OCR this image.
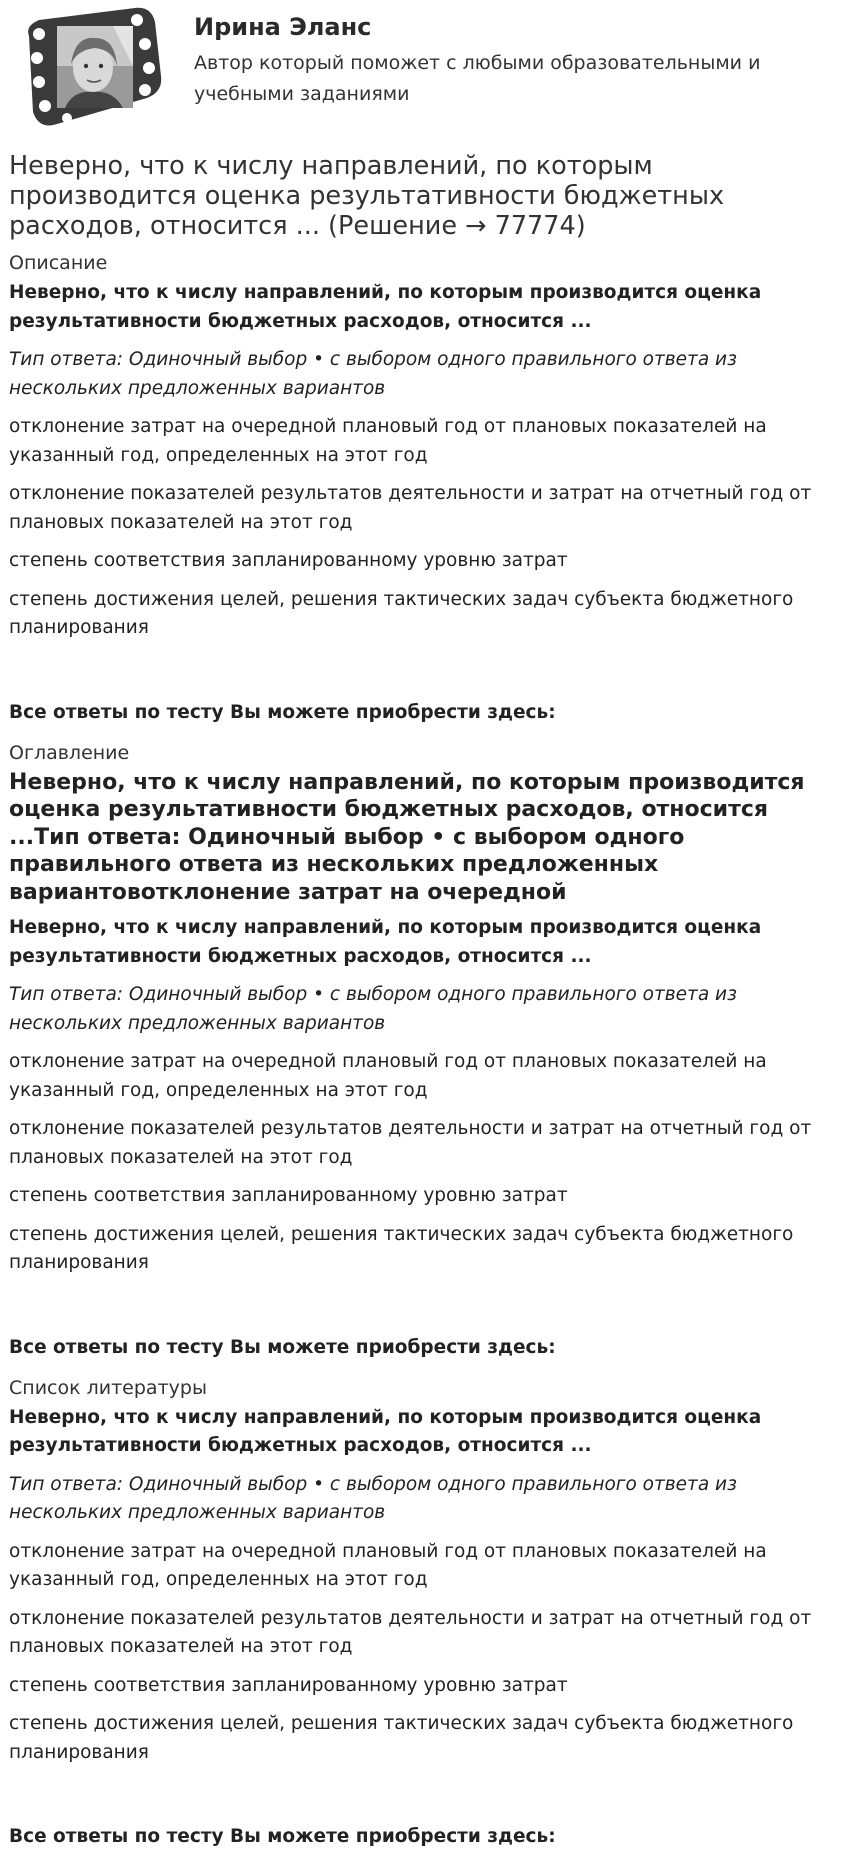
Ирина Эланс

Автор который поможет с любыми образовательными и учебными заданиями

Неверно, что к числу направлений, по которым производится оценка результативности бюджетных расходов, относится ... (Решение → 77774)
Описание

Неверно, что к числу направлений, по которым производится оценка результативности бюджетных расходов, относится ...

Тип ответа: Одиночный выбор • с выбором одного правильного ответа из нескольких предложенных вариантов

отклонение затрат на очередной плановый год от плановых показателей на указанный год, определенных на этот год

отклонение показателей результатов деятельности и затрат на отчетный год от плановых показателей на этот год

степень соответствия запланированному уровню затрат

степень достижения целей, решения тактических задач субъекта бюджетного планирования

Все ответы по тесту Вы можете приобрести здесь:

Оглавление
Неверно, что к числу направлений, по которым производится оценка результативности бюджетных расходов, относится ...Тип ответа: Одиночный выбор • с выбором одного правильного ответа из нескольких предложенных вариантовотклонение затрат на очередной

Неверно, что к числу направлений, по которым производится оценка результативности бюджетных расходов, относится ...

Тип ответа: Одиночный выбор • с выбором одного правильного ответа из нескольких предложенных вариантов

отклонение затрат на очередной плановый год от плановых показателей на указанный год, определенных на этот год

отклонение показателей результатов деятельности и затрат на отчетный год от плановых показателей на этот год

степень соответствия запланированному уровню затрат

степень достижения целей, решения тактических задач субъекта бюджетного планирования

Все ответы по тесту Вы можете приобрести здесь:

Список литературы

Неверно, что к числу направлений, по которым производится оценка результативности бюджетных расходов, относится ...

Тип ответа: Одиночный выбор • с выбором одного правильного ответа из нескольких предложенных вариантов

отклонение затрат на очередной плановый год от плановых показателей на указанный год, определенных на этот год

отклонение показателей результатов деятельности и затрат на отчетный год от плановых показателей на этот год

степень соответствия запланированному уровню затрат

степень достижения целей, решения тактических задач субъекта бюджетного планирования

Все ответы по тесту Вы можете приобрести здесь:
